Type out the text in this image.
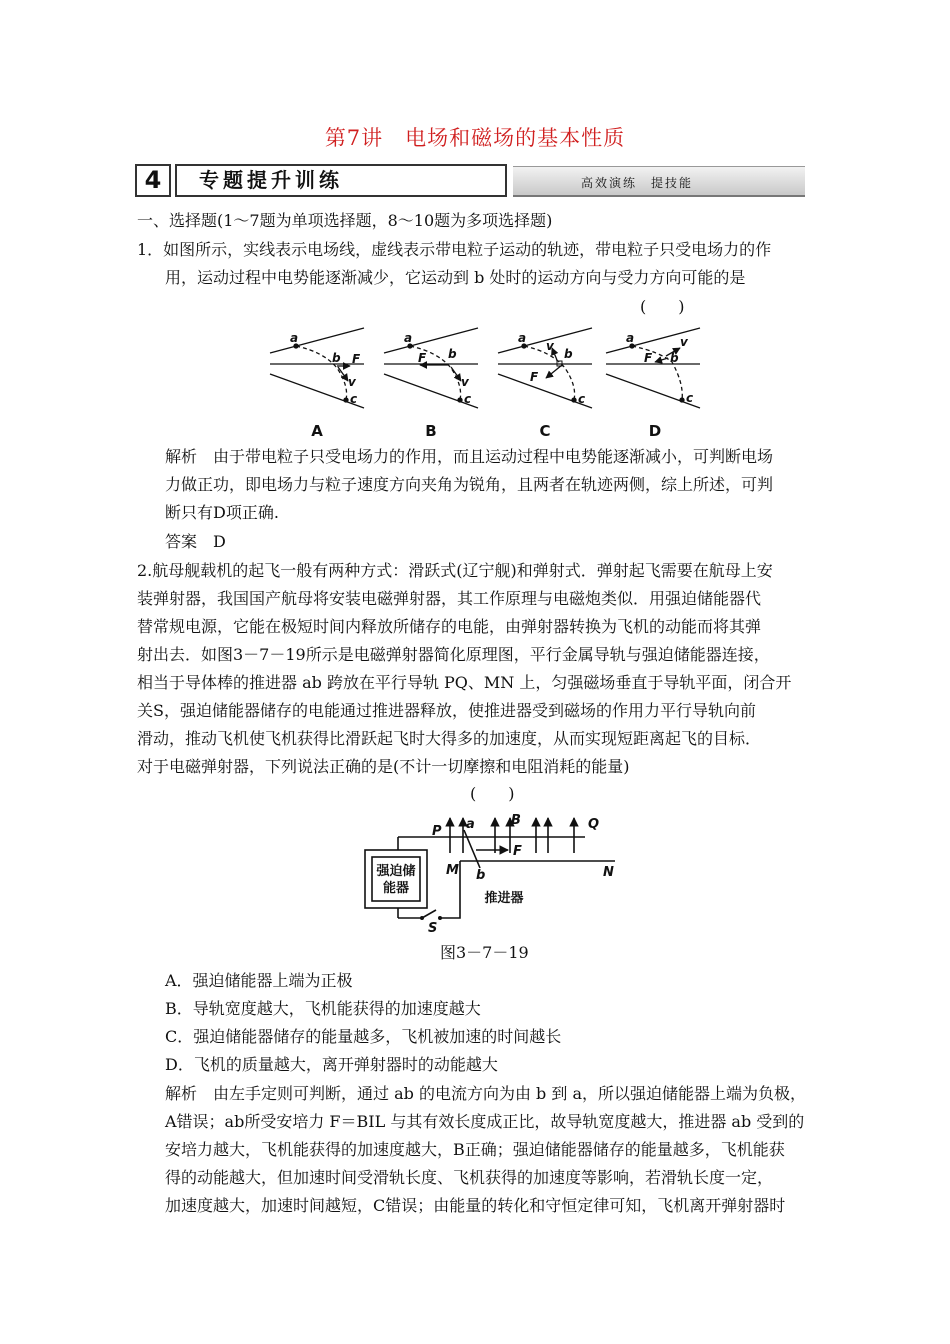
第7讲　电场和磁场的基本性质
4	专题提升训练	高效演练　提技能
一、选择题(1～7题为单项选择题，8～10题为多项选择题)
1．如图所示，实线表示电场线，虚线表示带电粒子运动的轨迹，带电粒子只受电场力的作
用，运动过程中电势能逐渐减少，它运动到 b 处时的运动方向与受力方向可能的是
(　　)
a
b F
v
c
a
b
F
v
c
a
b
v
F
c
a
b
v
F
c
A	B	C	D
解析　由于带电粒子只受电场力的作用，而且运动过程中电势能逐渐减小，可判断电场
力做正功，即电场力与粒子速度方向夹角为锐角，且两者在轨迹两侧，综上所述，可判
断只有D项正确.
答案　D
2.航母舰载机的起飞一般有两种方式：滑跃式(辽宁舰)和弹射式．弹射起飞需要在航母上安
装弹射器，我国国产航母将安装电磁弹射器，其工作原理与电磁炮类似．用强迫储能器代
替常规电源，它能在极短时间内释放所储存的电能，由弹射器转换为飞机的动能而将其弹
射出去．如图3－7－19所示是电磁弹射器简化原理图，平行金属导轨与强迫储能器连接，
相当于导体棒的推进器 ab 跨放在平行导轨 PQ、MN 上，匀强磁场垂直于导轨平面，闭合开
关S，强迫储能器储存的电能通过推进器释放，使推进器受到磁场的作用力平行导轨向前
滑动，推动飞机使飞机获得比滑跃起飞时大得多的加速度，从而实现短距离起飞的目标．
对于电磁弹射器，下列说法正确的是(不计一切摩擦和电阻消耗的能量)
(　　)
P a	B	Q
F
M b	N
S
强迫储
能器
推进器
图3－7－19
A．强迫储能器上端为正极
B．导轨宽度越大，飞机能获得的加速度越大
C．强迫储能器储存的能量越多，飞机被加速的时间越长
D．飞机的质量越大，离开弹射器时的动能越大
解析　由左手定则可判断，通过 ab 的电流方向为由 b 到 a，所以强迫储能器上端为负极，
A错误；ab所受安培力 F＝BIL 与其有效长度成正比，故导轨宽度越大，推进器 ab 受到的
安培力越大，飞机能获得的加速度越大，B正确；强迫储能器储存的能量越多，飞机能获
得的动能越大，但加速时间受滑轨长度、飞机获得的加速度等影响，若滑轨长度一定，
加速度越大，加速时间越短，C错误；由能量的转化和守恒定律可知，飞机离开弹射器时
